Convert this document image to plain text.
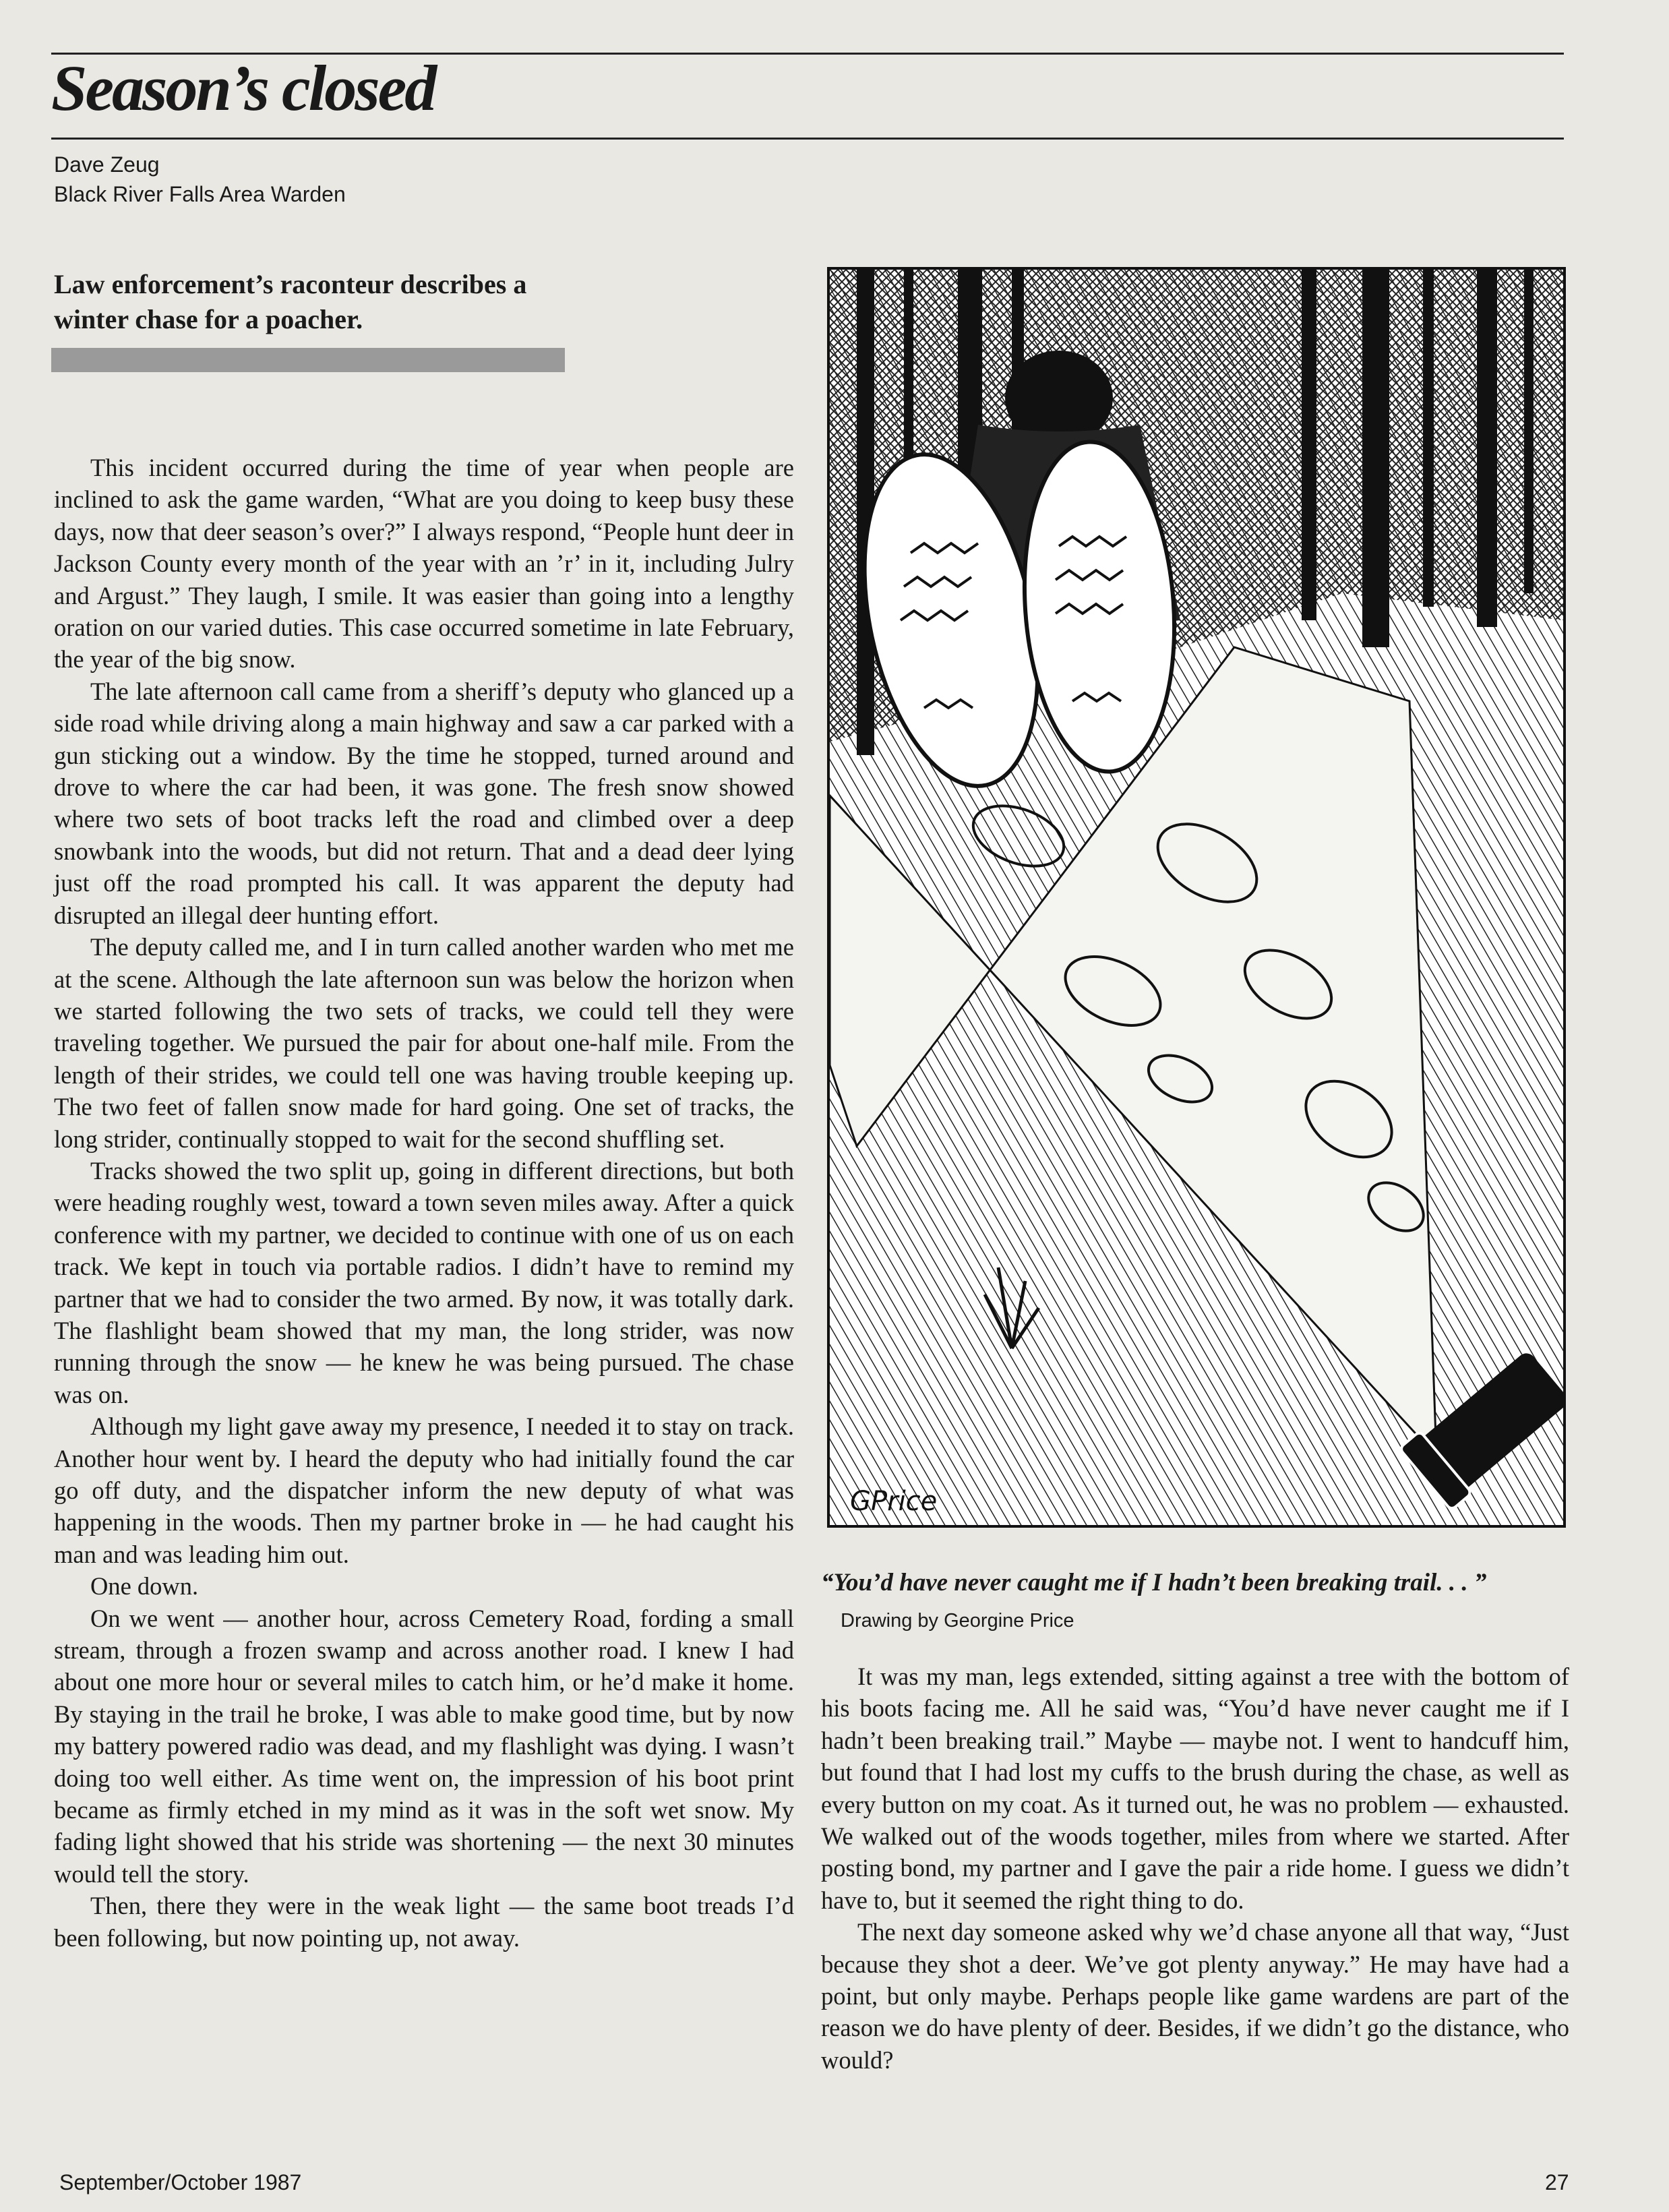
Season’s closed
Dave Zeug
Black River Falls Area Warden
Law enforcement’s raconteur describes a
winter chase for a poacher.

This incident occurred during the time of year when people are inclined to ask the game warden, “What are you doing to keep busy these days, now that deer season’s over?” I always respond, “People hunt deer in Jackson County every month of the year with an ’r’ in it, including Julry and Argust.” They laugh, I smile. It was easier than going into a lengthy oration on our varied duties. This case occurred sometime in late February, the year of the big snow.

The late afternoon call came from a sheriff’s deputy who glanced up a side road while driving along a main highway and saw a car parked with a gun sticking out a window. By the time he stopped, turned around and drove to where the car had been, it was gone. The fresh snow showed where two sets of boot tracks left the road and climbed over a deep snowbank into the woods, but did not return. That and a dead deer lying just off the road prompted his call. It was apparent the deputy had disrupted an illegal deer hunting effort.

The deputy called me, and I in turn called another warden who met me at the scene. Although the late afternoon sun was below the horizon when we started following the two sets of tracks, we could tell they were traveling together. We pursued the pair for about one-half mile. From the length of their strides, we could tell one was having trouble keeping up. The two feet of fallen snow made for hard going. One set of tracks, the long strider, continually stopped to wait for the second shuffling set.

Tracks showed the two split up, going in different directions, but both were heading roughly west, toward a town seven miles away. After a quick conference with my partner, we decided to continue with one of us on each track. We kept in touch via portable radios. I didn’t have to remind my partner that we had to consider the two armed. By now, it was totally dark. The flashlight beam showed that my man, the long strider, was now running through the snow — he knew he was being pursued. The chase was on.

Although my light gave away my presence, I needed it to stay on track. Another hour went by. I heard the deputy who had initially found the car go off duty, and the dispatcher inform the new deputy of what was happening in the woods. Then my partner broke in — he had caught his man and was leading him out.

One down.

On we went — another hour, across Cemetery Road, fording a small stream, through a frozen swamp and across another road. I knew I had about one more hour or several miles to catch him, or he’d make it home. By staying in the trail he broke, I was able to make good time, but by now my battery powered radio was dead, and my flashlight was dying. I wasn’t doing too well either. As time went on, the impression of his boot print became as firmly etched in my mind as it was in the soft wet snow. My fading light showed that his stride was shortening — the next 30 minutes would tell the story.

Then, there they were in the weak light — the same boot treads I’d been following, but now pointing up, not away.

GPrice
“You’d have never caught me if I hadn’t been breaking trail. . . ”
Drawing by Georgine Price

It was my man, legs extended, sitting against a tree with the bottom of his boots facing me. All he said was, “You’d have never caught me if I hadn’t been breaking trail.” Maybe — maybe not. I went to handcuff him, but found that I had lost my cuffs to the brush during the chase, as well as every button on my coat. As it turned out, he was no problem — exhausted. We walked out of the woods together, miles from where we started. After posting bond, my partner and I gave the pair a ride home. I guess we didn’t have to, but it seemed the right thing to do.

The next day someone asked why we’d chase anyone all that way, “Just because they shot a deer. We’ve got plenty anyway.” He may have had a point, but only maybe. Perhaps people like game wardens are part of the reason we do have plenty of deer. Besides, if we didn’t go the distance, who would?

September/October 1987	27
